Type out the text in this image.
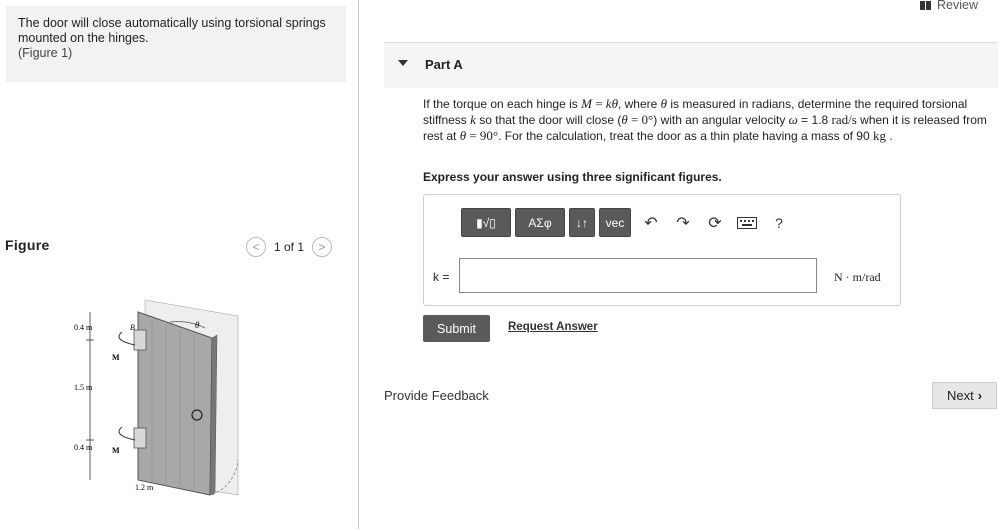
The door will close automatically using torsional springs
mounted on the hinges.
(Figure 1)
Figure	<	1 of 1	>
0.4 m
1.5 m
0.4 m
1.2 m
B	θ
M
M
Review
Part A
If the torque on each hinge is M = kθ, where θ is measured in radians, determine the required torsional stiffness k so that the door will close (θ = 0°) with an angular velocity ω = 1.8 rad/s when it is released from rest at θ = 90°. For the calculation, treat the door as a thin plate having a mass of 90 kg .
Express your answer using three significant figures.
▮√▯	ΑΣφ	↓↑	vec	↶	↷	⟳	?
k =	N · m/rad
Submit	Request Answer
Provide Feedback	Next ›
